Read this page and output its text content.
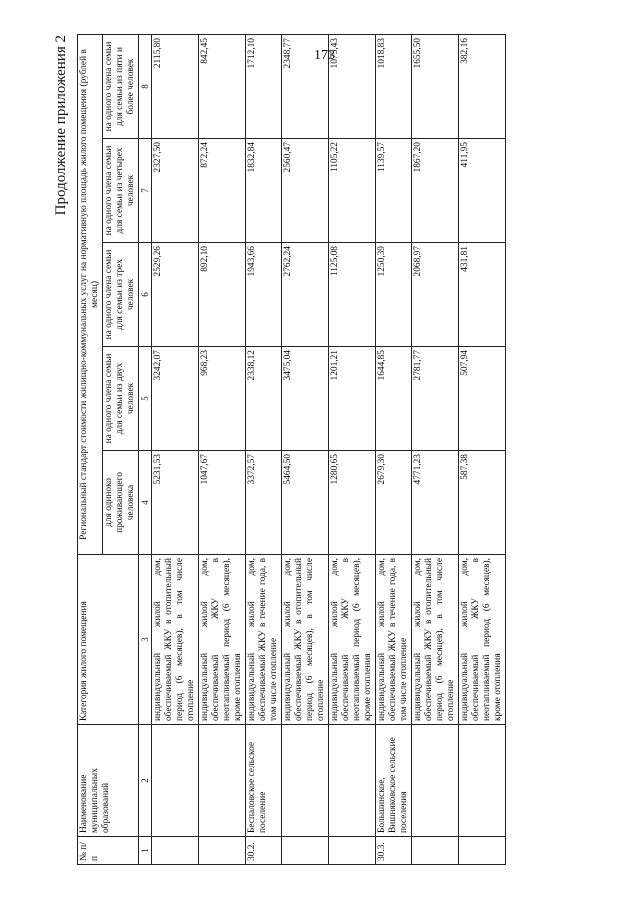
173
Продолжение приложения 2
№ п/п	Наименование муниципальных образований	Категория жилого помещения	Региональный стандарт стоимости жилищно-коммунальных услуг на нормативную площадь жилого помещения (рублей в месяц)				
			для одиноко проживающего человека	на одного члена семьи для семьи из двух человек	на одного члена семьи для семьи из трех человек	на одного члена семьи для семьи из четырех человек	на одного члена семьи для семьи из пяти и более человек
1	2	3	4	5	6	7	8
		индивидуальный жилой дом, обеспечиваемый ЖКУ в отопительный период (6 месяцев), в том числе отопление	5231,53	3242,07	2529,26	2327,50	2115,80
		индивидуальный жилой дом, обеспечиваемый ЖКУ в неотапливаемый период (6 месяцев), кроме отопления	1047,67	968,23	892,10	872,24	842,45
30.2.	Беспаловское сельское поселение	индивидуальный жилой дом, обеспечиваемый ЖКУ в течение года, в том числе отопление	3372,57	2338,12	1943,66	1832,84	1712,10
		индивидуальный жилой дом, обеспечиваемый ЖКУ в отопительный период (6 месяцев), в том числе отопление	5464,50	3475,04	2762,24	2560,47	2348,77
		индивидуальный жилой дом, обеспечиваемый ЖКУ в неотапливаемый период (6 месяцев), кроме отопления	1280,65	1201,21	1125,08	1105,22	1075,43
30.3.	Большинское, Вишняковское сельские поселения	индивидуальный жилой дом, обеспечиваемый ЖКУ в течение года, в том числе отопление	2679,30	1644,85	1250,39	1139,57	1018,83
		индивидуальный жилой дом, обеспечиваемый ЖКУ в отопительный период (6 месяцев), в том числе отопление	4771,23	2781,77	2068,97	1867,20	1655,50
		индивидуальный жилой дом, обеспечиваемый ЖКУ в неотапливаемый период (6 месяцев), кроме отопления	587,38	507,94	431,81	411,95	382,16
